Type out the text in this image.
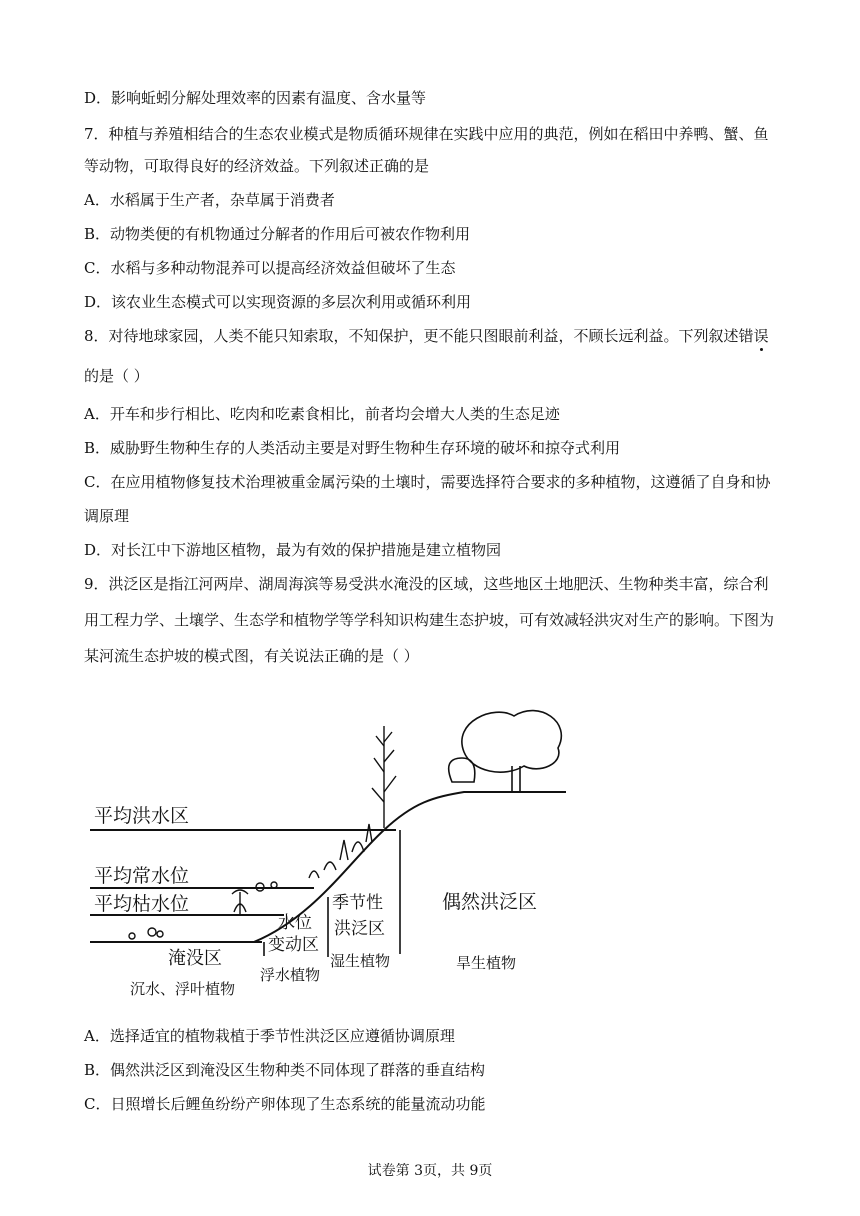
D．影响蚯蚓分解处理效率的因素有温度、含水量等
7．种植与养殖相结合的生态农业模式是物质循环规律在实践中应用的典范，例如在稻田中养鸭、蟹、鱼
等动物，可取得良好的经济效益。下列叙述正确的是
A．水稻属于生产者，杂草属于消费者
B．动物类便的有机物通过分解者的作用后可被农作物利用
C．水稻与多种动物混养可以提高经济效益但破坏了生态
D．该农业生态模式可以实现资源的多层次利用或循环利用
8．对待地球家园，人类不能只知索取，不知保护，更不能只图眼前利益，不顾长远利益。下列叙述错误
的是（ ）
A．开车和步行相比、吃肉和吃素食相比，前者均会增大人类的生态足迹
B．威胁野生物种生存的人类活动主要是对野生物种生存环境的破坏和掠夺式利用
C．在应用植物修复技术治理被重金属污染的土壤时，需要选择符合要求的多种植物，这遵循了自身和协
调原理
D．对长江中下游地区植物，最为有效的保护措施是建立植物园
9．洪泛区是指江河两岸、湖周海滨等易受洪水淹没的区域，这些地区土地肥沃、生物种类丰富，综合利
用工程力学、土壤学、生态学和植物学等学科知识构建生态护坡，可有效减轻洪灾对生产的影响。下图为
某河流生态护坡的模式图，有关说法正确的是（ ）
平均洪水区
平均常水位
平均枯水位
淹没区
沉水、浮叶植物
水位
变动区
浮水植物
季节性
洪泛区
湿生植物
偶然洪泛区
旱生植物
A．选择适宜的植物栽植于季节性洪泛区应遵循协调原理
B．偶然洪泛区到淹没区生物种类不同体现了群落的垂直结构
C．日照增长后鲤鱼纷纷产卵体现了生态系统的能量流动功能
试卷第 3页，共 9页
